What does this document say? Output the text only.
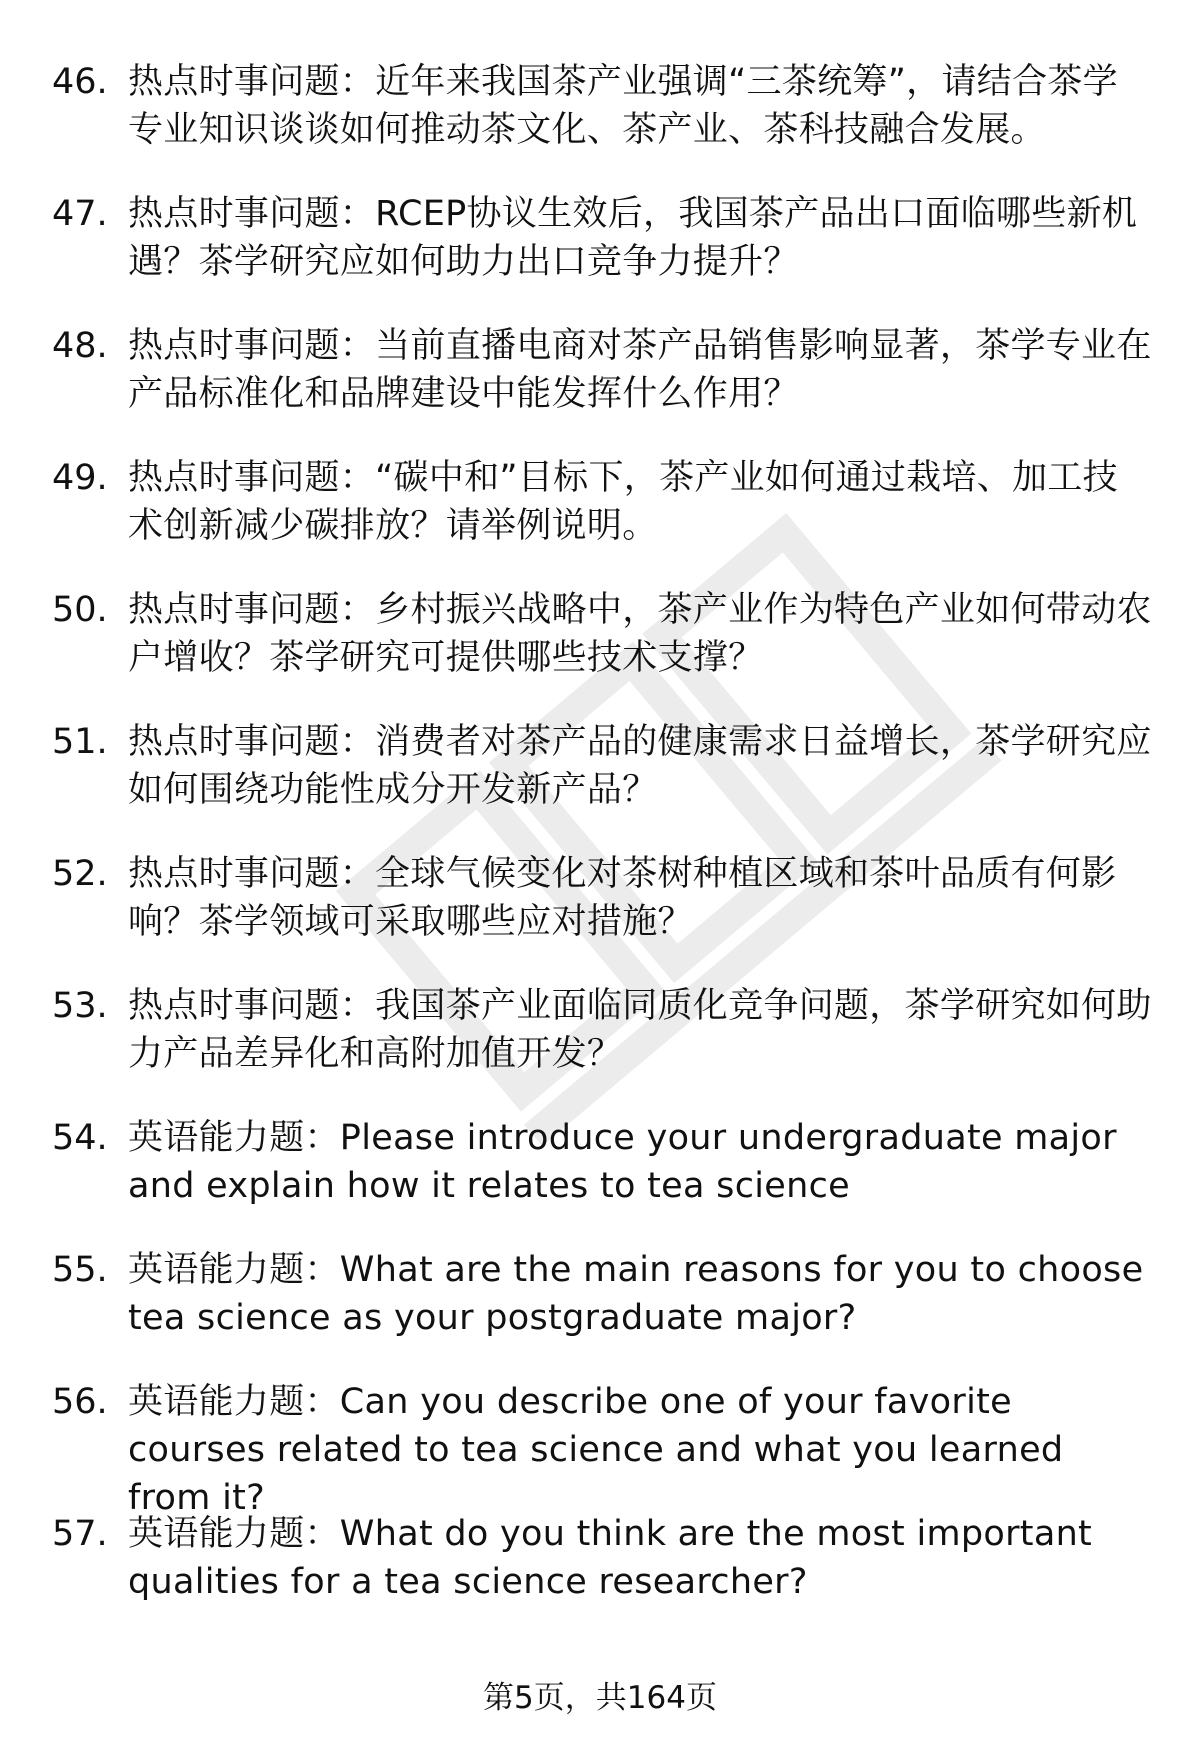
46. 热点时事问题：近年来我国茶产业强调“三茶统筹”，请结合茶学专业知识谈谈如何推动茶文化、茶产业、茶科技融合发展。
47. 热点时事问题：RCEP协议生效后，我国茶产品出口面临哪些新机遇？茶学研究应如何助力出口竞争力提升？
48. 热点时事问题：当前直播电商对茶产品销售影响显著，茶学专业在产品标准化和品牌建设中能发挥什么作用？
49. 热点时事问题：“碳中和”目标下，茶产业如何通过栽培、加工技术创新减少碳排放？请举例说明。
50. 热点时事问题：乡村振兴战略中，茶产业作为特色产业如何带动农户增收？茶学研究可提供哪些技术支撑？
51. 热点时事问题：消费者对茶产品的健康需求日益增长，茶学研究应如何围绕功能性成分开发新产品？
52. 热点时事问题：全球气候变化对茶树种植区域和茶叶品质有何影响？茶学领域可采取哪些应对措施？
53. 热点时事问题：我国茶产业面临同质化竞争问题，茶学研究如何助力产品差异化和高附加值开发？
54. 英语能力题：Please introduce your undergraduate major and explain how it relates to tea science
55. 英语能力题：What are the main reasons for you to choose tea science as your postgraduate major?
56. 英语能力题：Can you describe one of your favorite courses related to tea science and what you learned from it?
57. 英语能力题：What do you think are the most important qualities for a tea science researcher?
第5页，共164页
